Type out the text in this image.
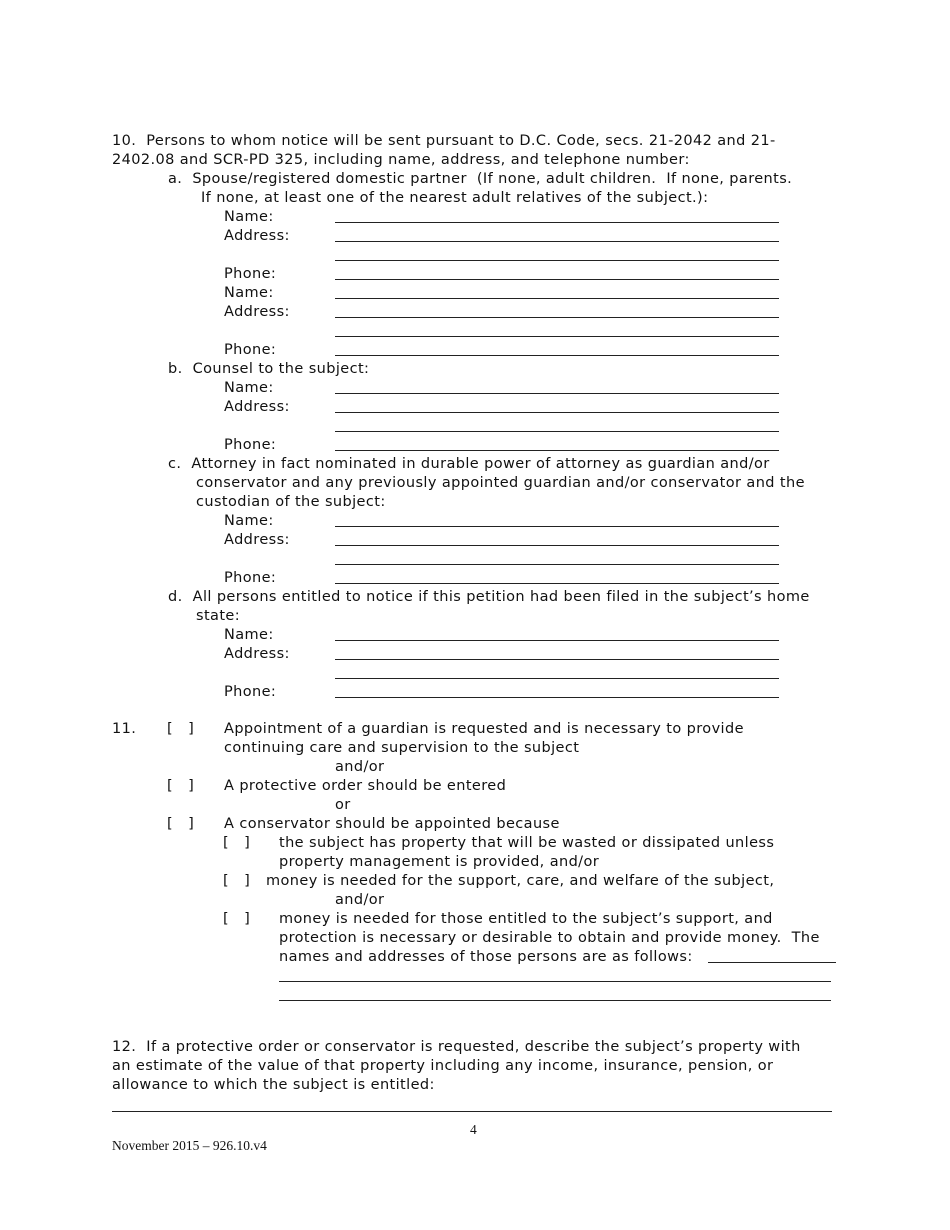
10.  Persons to whom notice will be sent pursuant to D.C. Code, secs. 21-2042 and 21-
2402.08 and SCR-PD 325, including name, address, and telephone number:
a.  Spouse/registered domestic partner  (If none, adult children.  If none, parents.
If none, at least one of the nearest adult relatives of the subject.):
Name:
Address:
Phone:
Name:
Address:
Phone:
b.  Counsel to the subject:
Name:
Address:
Phone:
c.  Attorney in fact nominated in durable power of attorney as guardian and/or
conservator and any previously appointed guardian and/or conservator and the
custodian of the subject:
Name:
Address:
Phone:
d.  All persons entitled to notice if this petition had been filed in the subject’s home
state:
Name:
Address:
Phone:
11. [   ] Appointment of a guardian is requested and is necessary to provide
continuing care and supervision to the subject
and/or
[   ] A protective order should be entered
or
[   ] A conservator should be appointed because
[   ] the subject has property that will be wasted or dissipated unless
property management is provided, and/or
[   ] money is needed for the support, care, and welfare of the subject,
and/or
[   ] money is needed for those entitled to the subject’s support, and
protection is necessary or desirable to obtain and provide money.  The
names and addresses of those persons are as follows:
12.  If a protective order or conservator is requested, describe the subject’s property with
an estimate of the value of that property including any income, insurance, pension, or
allowance to which the subject is entitled:
4
November 2015 – 926.10.v4
